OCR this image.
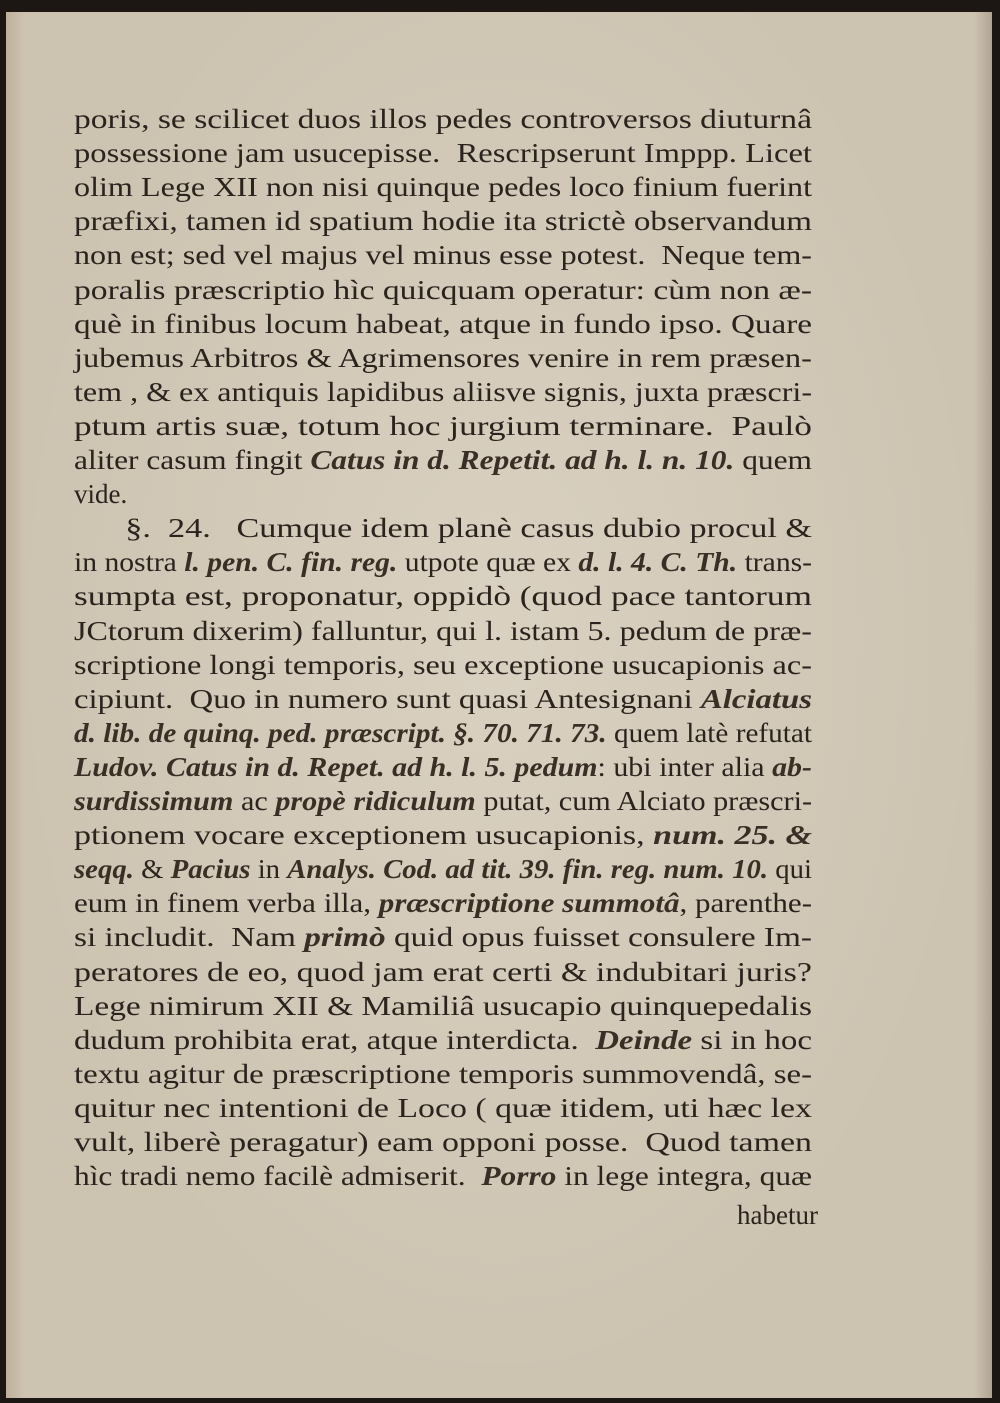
poris, se scilicet duos illos pedes controversos diuturnâ
possessione jam usucepisse.  Rescripserunt Imppp. Licet
olim Lege XII non nisi quinque pedes loco finium fuerint
præfixi, tamen id spatium hodie ita strictè observandum
non est; sed vel majus vel minus esse potest.  Neque tem-
poralis præscriptio hìc quicquam operatur: cùm non æ-
què in finibus locum habeat, atque in fundo ipso. Quare
jubemus Arbitros & Agrimensores venire in rem præsen-
tem , & ex antiquis lapidibus aliisve signis, juxta præscri-
ptum artis suæ, totum hoc jurgium terminare.  Paulò
aliter casum fingit Catus in d. Repetit. ad h. l. n. 10. quem
vide.
§.  24.   Cumque idem planè casus dubio procul &
in nostra l. pen. C. fin. reg. utpote quæ ex d. l. 4. C. Th. trans-
sumpta est, proponatur, oppidò (quod pace tantorum
JCtorum dixerim) falluntur, qui l. istam 5. pedum de præ-
scriptione longi temporis, seu exceptione usucapionis ac-
cipiunt.  Quo in numero sunt quasi Antesignani Alciatus
d. lib. de quinq. ped. præscript. §. 70. 71. 73. quem latè refutat
Ludov. Catus in d. Repet. ad h. l. 5. pedum: ubi inter alia ab-
surdissimum ac propè ridiculum putat, cum Alciato præscri-
ptionem vocare exceptionem usucapionis, num. 25. &
seqq. & Pacius in Analys. Cod. ad tit. 39. fin. reg. num. 10. qui
eum in finem verba illa, præscriptione summotâ, parenthe-
si includit.  Nam primò quid opus fuisset consulere Im-
peratores de eo, quod jam erat certi & indubitari juris?
Lege nimirum XII & Mamiliâ usucapio quinquepedalis
dudum prohibita erat, atque interdicta.  Deinde si in hoc
textu agitur de præscriptione temporis summovendâ, se-
quitur nec intentioni de Loco ( quæ itidem, uti hæc lex
vult, liberè peragatur) eam opponi posse.  Quod tamen
hìc tradi nemo facilè admiserit.  Porro in lege integra, quæ
habetur
